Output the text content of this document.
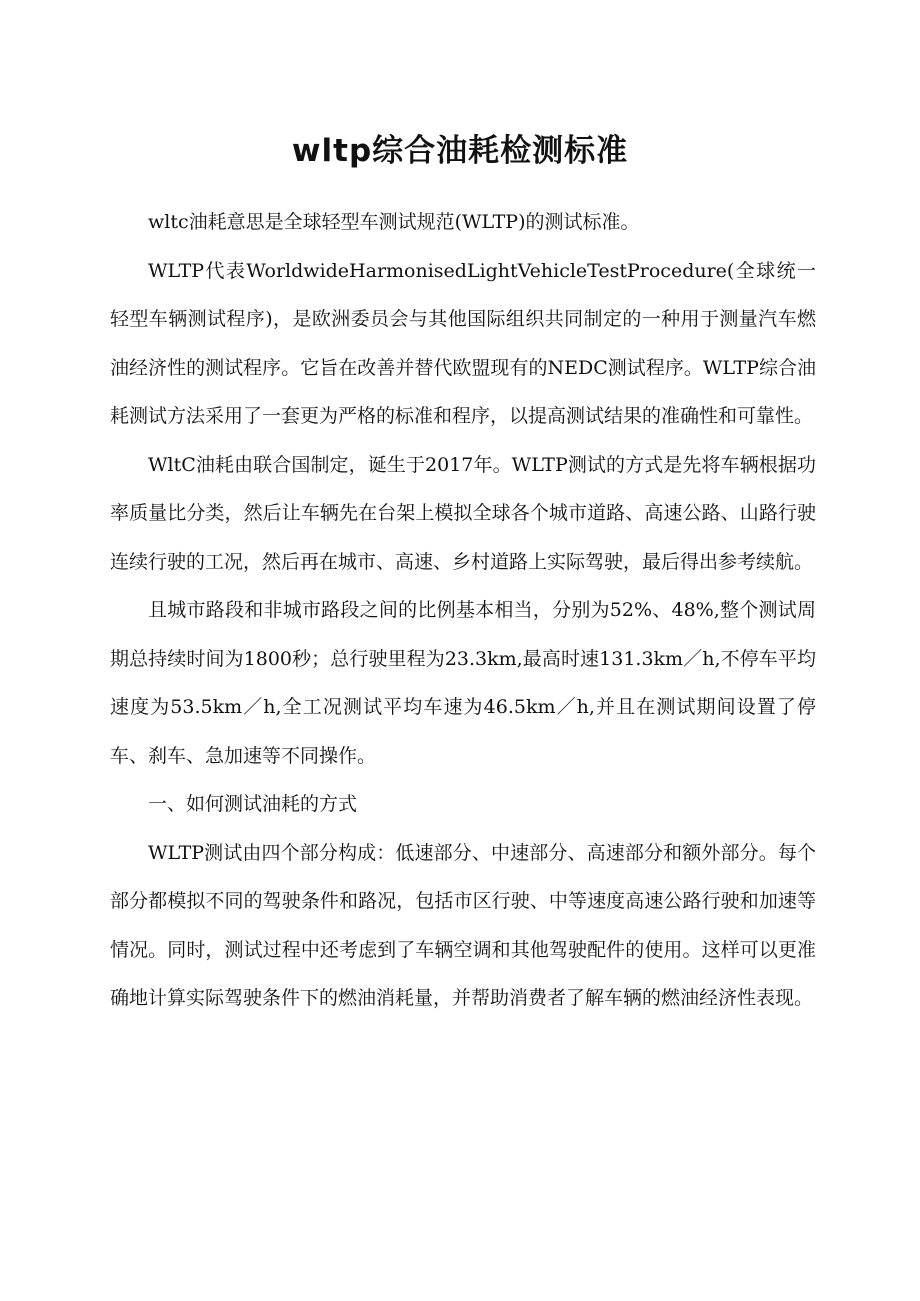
wltp综合油耗检测标准

wltc油耗意思是全球轻型车测试规范(WLTP)的测试标准。

WLTP代表WorldwideHarmonisedLightVehicleTestProcedure(全球统一轻型车辆测试程序)，是欧洲委员会与其他国际组织共同制定的一种用于测量汽车燃油经济性的测试程序。它旨在改善并替代欧盟现有的NEDC测试程序。WLTP综合油耗测试方法采用了一套更为严格的标准和程序，以提高测试结果的准确性和可靠性。

WltC油耗由联合国制定，诞生于2017年。WLTP测试的方式是先将车辆根据功率质量比分类，然后让车辆先在台架上模拟全球各个城市道路、高速公路、山路行驶连续行驶的工况，然后再在城市、高速、乡村道路上实际驾驶，最后得出参考续航。

且城市路段和非城市路段之间的比例基本相当，分别为52%、48%,整个测试周期总持续时间为1800秒；总行驶里程为23.3km,最高时速131.3km／h,不停车平均速度为53.5km／h,全工况测试平均车速为46.5km／h,并且在测试期间设置了停车、刹车、急加速等不同操作。

一、如何测试油耗的方式

WLTP测试由四个部分构成：低速部分、中速部分、高速部分和额外部分。每个部分都模拟不同的驾驶条件和路况，包括市区行驶、中等速度高速公路行驶和加速等情况。同时，测试过程中还考虑到了车辆空调和其他驾驶配件的使用。这样可以更准确地计算实际驾驶条件下的燃油消耗量，并帮助消费者了解车辆的燃油经济性表现。
